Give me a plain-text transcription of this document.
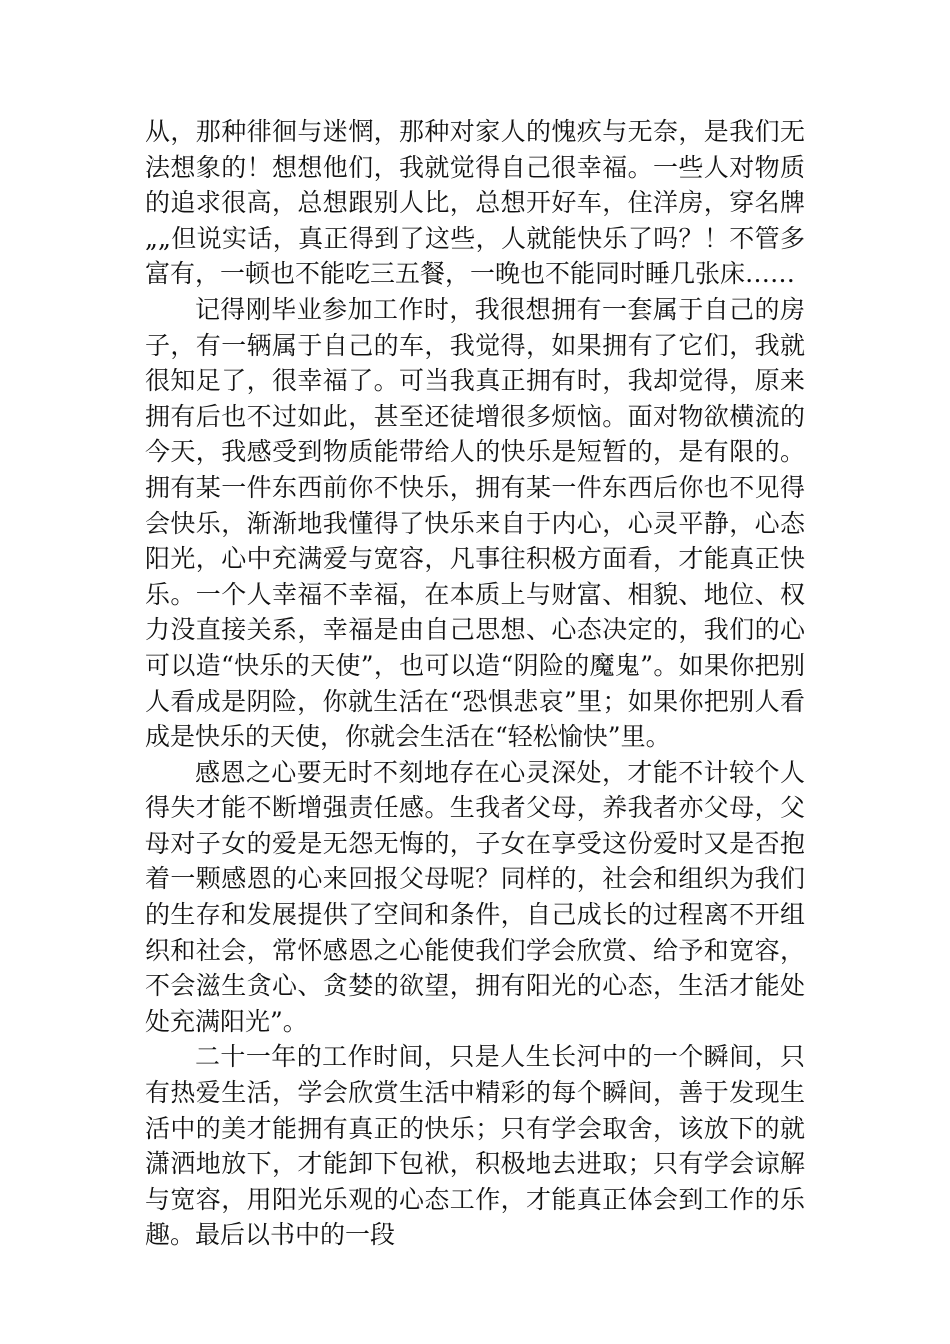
从，那种徘徊与迷惘，那种对家人的愧疚与无奈，是我们无法想象的！想想他们，我就觉得自己很幸福。一些人对物质的追求很高，总想跟别人比，总想开好车，住洋房，穿名牌„„但说实话，真正得到了这些，人就能快乐了吗？！不管多富有，一顿也不能吃三五餐，一晚也不能同时睡几张床……

记得刚毕业参加工作时，我很想拥有一套属于自己的房子，有一辆属于自己的车，我觉得，如果拥有了它们，我就很知足了，很幸福了。可当我真正拥有时，我却觉得，原来拥有后也不过如此，甚至还徒增很多烦恼。面对物欲横流的今天，我感受到物质能带给人的快乐是短暂的，是有限的。拥有某一件东西前你不快乐，拥有某一件东西后你也不见得会快乐，渐渐地我懂得了快乐来自于内心，心灵平静，心态阳光，心中充满爱与宽容，凡事往积极方面看，才能真正快乐。一个人幸福不幸福，在本质上与财富、相貌、地位、权力没直接关系，幸福是由自己思想、心态决定的，我们的心可以造“快乐的天使”，也可以造“阴险的魔鬼”。如果你把别人看成是阴险，你就生活在“恐惧悲哀”里；如果你把别人看成是快乐的天使，你就会生活在“轻松愉快”里。

感恩之心要无时不刻地存在心灵深处，才能不计较个人得失才能不断增强责任感。生我者父母，养我者亦父母，父母对子女的爱是无怨无悔的，子女在享受这份爱时又是否抱着一颗感恩的心来回报父母呢？同样的，社会和组织为我们的生存和发展提供了空间和条件，自己成长的过程离不开组织和社会，常怀感恩之心能使我们学会欣赏、给予和宽容，不会滋生贪心、贪婪的欲望，拥有阳光的心态，生活才能处处充满阳光”。

二十一年的工作时间，只是人生长河中的一个瞬间，只有热爱生活，学会欣赏生活中精彩的每个瞬间，善于发现生活中的美才能拥有真正的快乐；只有学会取舍，该放下的就潇洒地放下，才能卸下包袱，积极地去进取；只有学会谅解与宽容，用阳光乐观的心态工作，才能真正体会到工作的乐趣。最后以书中的一段
